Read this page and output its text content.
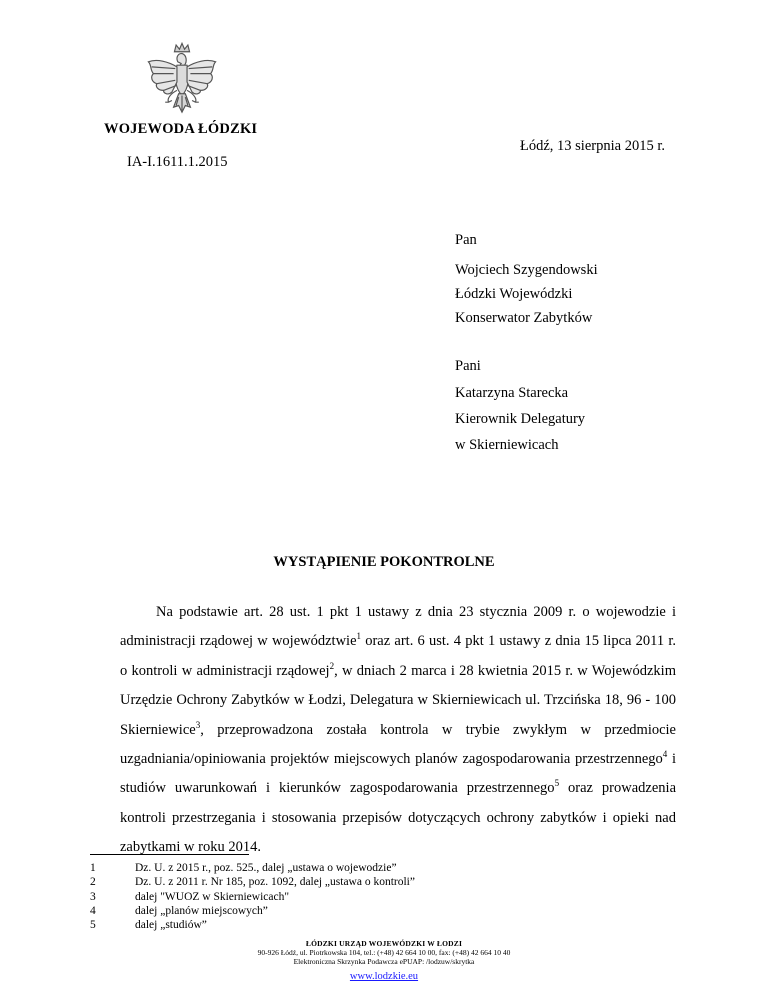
WOJEWODA ŁÓDZKI
Łódź, 13 sierpnia 2015 r.
IA-I.1611.1.2015
Pan
Wojciech Szygendowski
Łódzki Wojewódzki
Konserwator Zabytków
Pani
Katarzyna Starecka
Kierownik Delegatury
w Skierniewicach
WYSTĄPIENIE POKONTROLNE
Na podstawie art. 28 ust. 1 pkt 1 ustawy z dnia 23 stycznia 2009 r. o wojewodzie i administracji rządowej w województwie$^1$ oraz art. 6 ust. 4 pkt 1 ustawy z dnia 15 lipca 2011 r. o kontroli w administracji rządowej$^2$, w dniach 2 marca i 28 kwietnia 2015 r. w Wojewódzkim Urzędzie Ochrony Zabytków w Łodzi, Delegatura w Skierniewicach ul. Trzcińska 18, 96 - 100 Skierniewice$^3$, przeprowadzona została kontrola w trybie zwykłym w przedmiocie uzgadniania/opiniowania projektów miejscowych planów zagospodarowania przestrzennego$^4$ i studiów uwarunkowań i kierunków zagospodarowania przestrzennego$^5$ oraz prowadzenia kontroli przestrzegania i stosowania przepisów dotyczących ochrony zabytków i opieki nad zabytkami w roku 2014.
1	Dz. U. z 2015 r., poz. 525., dalej „ustawa o wojewodzie”
2	Dz. U. z 2011 r. Nr 185, poz. 1092, dalej „ustawa o kontroli”
3	dalej "WUOZ w Skierniewicach"
4	dalej „planów miejscowych”
5	dalej „studiów”
ŁÓDZKI URZĄD WOJEWÓDZKI W ŁODZI
90-926 Łódź, ul. Piotrkowska 104, tel.: (+48) 42 664 10 00, fax: (+48) 42 664 10 40
Elektroniczna Skrzynka Podawcza ePUAP: /lodzuw/skrytka
www.lodzkie.eu
